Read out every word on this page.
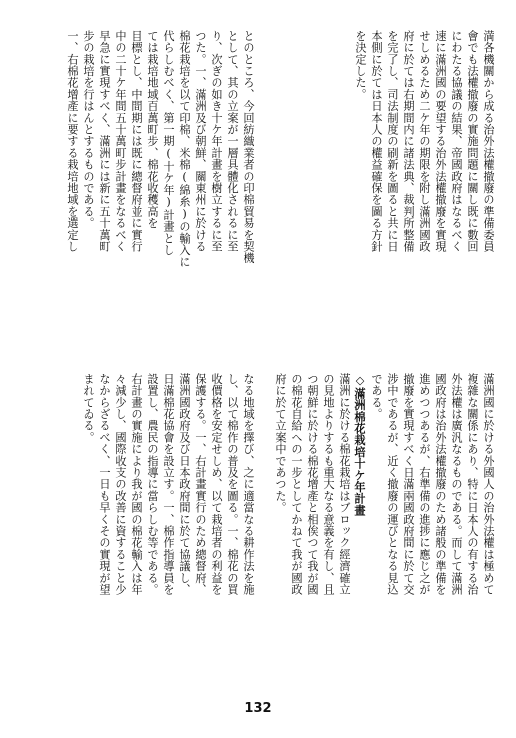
満各機關から成る治外法權撤廢の準備委員
會でも法權撤廢の實施問題に關し既に數回
にわたる協議の結果、帝國政府はなるべく
速に滿洲國の要望する治外法權撤廢を實現
せしめるため二ケ年の期限を附し滿洲國政
府に於ては右期間内に諸法典、裁判所整備
を完了し、司法制度の刷新を圖ると共に日
本側に於ては日本人の權益確保を圖る方針
を決定した。
とのところ、今回紡織業者の印棉貿易を契機
として、其の立案が一層具體化されるに至
り、次ぎの如き十ケ年計畫を樹立するに至
つた。一、滿洲及び朝鮮、關東州に於ける
棉花栽培を以て印棉、米棉(綿糸)の輸入に
代らしむべく、第一期(十ケ年)計畫とし
ては栽培地域百萬町步、棉花收穫高を
目標とし、中間期には既に總督府並に實行
中の二十ケ年間五十萬町步計畫をなるべく
早急に實現すべく、滿洲には新に五十萬町
步の栽培を行はんとするものである。
一、右棉花增產に要する栽培地域を選定し
滿洲國に於ける外國人の治外法權は極めて
複雜な關係にあり、特に日本人の有する治
外法權は廣汎なるものである。而して滿洲
國政府は治外法權撤廢のため諸般の準備を
進めつつあるが、右準備の進捗に應じ之が
撤廢を實現すべく日滿兩國政府間に於て交
涉中であるが、近く撤廢の運びとなる見込
である。
◇滿洲棉花栽培十ケ年計畫
滿洲に於ける棉花栽培はブロック經濟確立
の見地よりするも重大なる意義を有し、且
つ朝鮮に於ける棉花增產と相俟つて我が國
の棉花自給への一步としてかねて我が國政
府に於て立案中であつた。
なる地域を擇び、之に適當なる耕作法を施
し、以て棉作の普及を圖る。一、棉花の買
收價格を安定せしめ、以て栽培者の利益を
保護する。一、右計畫實行のため總督府、
滿洲國政府及び日本政府間に於て協議し、
日滿棉花協會を設立す。一、棉作指導員を
設置し、農民の指導に當らしむ等である。
右計畫の實施により我が國の棉花輸入は年
々減少し、國際收支の改善に資すること少
なからざるべく、一日も早くその實現が望
まれてゐる。
132
